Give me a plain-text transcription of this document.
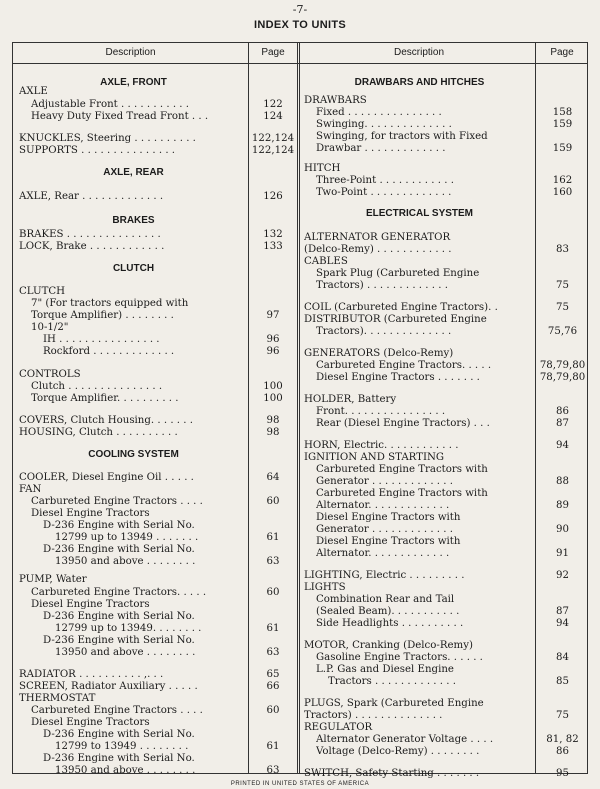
-7-
INDEX TO UNITS
Description	Page	Description	Page
AXLE, FRONT
AXLE
Adjustable Front . . . . . . . . . . .	122
Heavy Duty Fixed Tread Front . . .	124
KNUCKLES, Steering . . . . . . . . . .	122,124
SUPPORTS . . . . . . . . . . . . . . .	122,124
AXLE, REAR
AXLE, Rear . . . . . . . . . . . . .	126
BRAKES
BRAKES . . . . . . . . . . . . . . .	132
LOCK, Brake . . . . . . . . . . . .	133
CLUTCH
CLUTCH
7" (For tractors equipped with
Torque Amplifier) . . . . . . . .	97
10-1/2"
IH . . . . . . . . . . . . . . . .	96
Rockford . . . . . . . . . . . . .	96
CONTROLS
Clutch . . . . . . . . . . . . . . .	100
Torque Amplifier. . . . . . . . . .	100
COVERS, Clutch Housing. . . . . . .	98
HOUSING, Clutch . . . . . . . . . .	98
COOLING SYSTEM
COOLER, Diesel Engine Oil . . . . .	64
FAN
Carbureted Engine Tractors . . . .	60
Diesel Engine Tractors
D-236 Engine with Serial No.
12799 up to 13949 . . . . . . .	61
D-236 Engine with Serial No.
13950 and above . . . . . . . .	63
PUMP, Water
Carbureted Engine Tractors. . . . .	60
Diesel Engine Tractors
D-236 Engine with Serial No.
12799 up to 13949. . . . . . . .	61
D-236 Engine with Serial No.
13950 and above . . . . . . . .	63
RADIATOR . . . . . . . . . . ,. . .	65
SCREEN, Radiator Auxiliary . . . . .	66
THERMOSTAT
Carbureted Engine Tractors . . . .	60
Diesel Engine Tractors
D-236 Engine with Serial No.
12799 to 13949 . . . . . . . .	61
D-236 Engine with Serial No.
13950 and above . . . . . . . .	63
DRAWBARS AND HITCHES
DRAWBARS
Fixed . . . . . . . . . . . . . . .	158
Swinging. . . . . . . . . . . . . .	159
Swinging, for tractors with Fixed
Drawbar . . . . . . . . . . . . .	159
HITCH
Three-Point . . . . . . . . . . . .	162
Two-Point . . . . . . . . . . . . .	160
ELECTRICAL SYSTEM
ALTERNATOR GENERATOR
(Delco-Remy) . . . . . . . . . . . .	83
CABLES
Spark Plug (Carbureted Engine
Tractors) . . . . . . . . . . . . .	75
COIL (Carbureted Engine Tractors). .	75
DISTRIBUTOR (Carbureted Engine
Tractors). . . . . . . . . . . . . .	75,76
GENERATORS (Delco-Remy)
Carbureted Engine Tractors. . . . .	78,79,80
Diesel Engine Tractors . . . . . . .	78,79,80
HOLDER, Battery
Front. . . . . . . . . . . . . . . .	86
Rear (Diesel Engine Tractors) . . .	87
HORN, Electric. . . . . . . . . . . .	94
IGNITION AND STARTING
Carbureted Engine Tractors with
Generator . . . . . . . . . . . . .	88
Carbureted Engine Tractors with
Alternator. . . . . . . . . . . . .	89
Diesel Engine Tractors with
Generator . . . . . . . . . . . . .	90
Diesel Engine Tractors with
Alternator. . . . . . . . . . . . .	91
LIGHTING, Electric . . . . . . . . .	92
LIGHTS
Combination Rear and Tail
(Sealed Beam). . . . . . . . . . .	87
Side Headlights . . . . . . . . . .	94
MOTOR, Cranking (Delco-Remy)
Gasoline Engine Tractors. . . . . .	84
L.P. Gas and Diesel Engine
Tractors . . . . . . . . . . . . .	85
PLUGS, Spark (Carbureted Engine
Tractors) . . . . . . . . . . . . . .	75
REGULATOR
Alternator Generator Voltage . . . .	81, 82
Voltage (Delco-Remy) . . . . . . . .	86
SWITCH, Safety Starting . . . . . . .	95
PRINTED IN UNITED STATES OF AMERICA
